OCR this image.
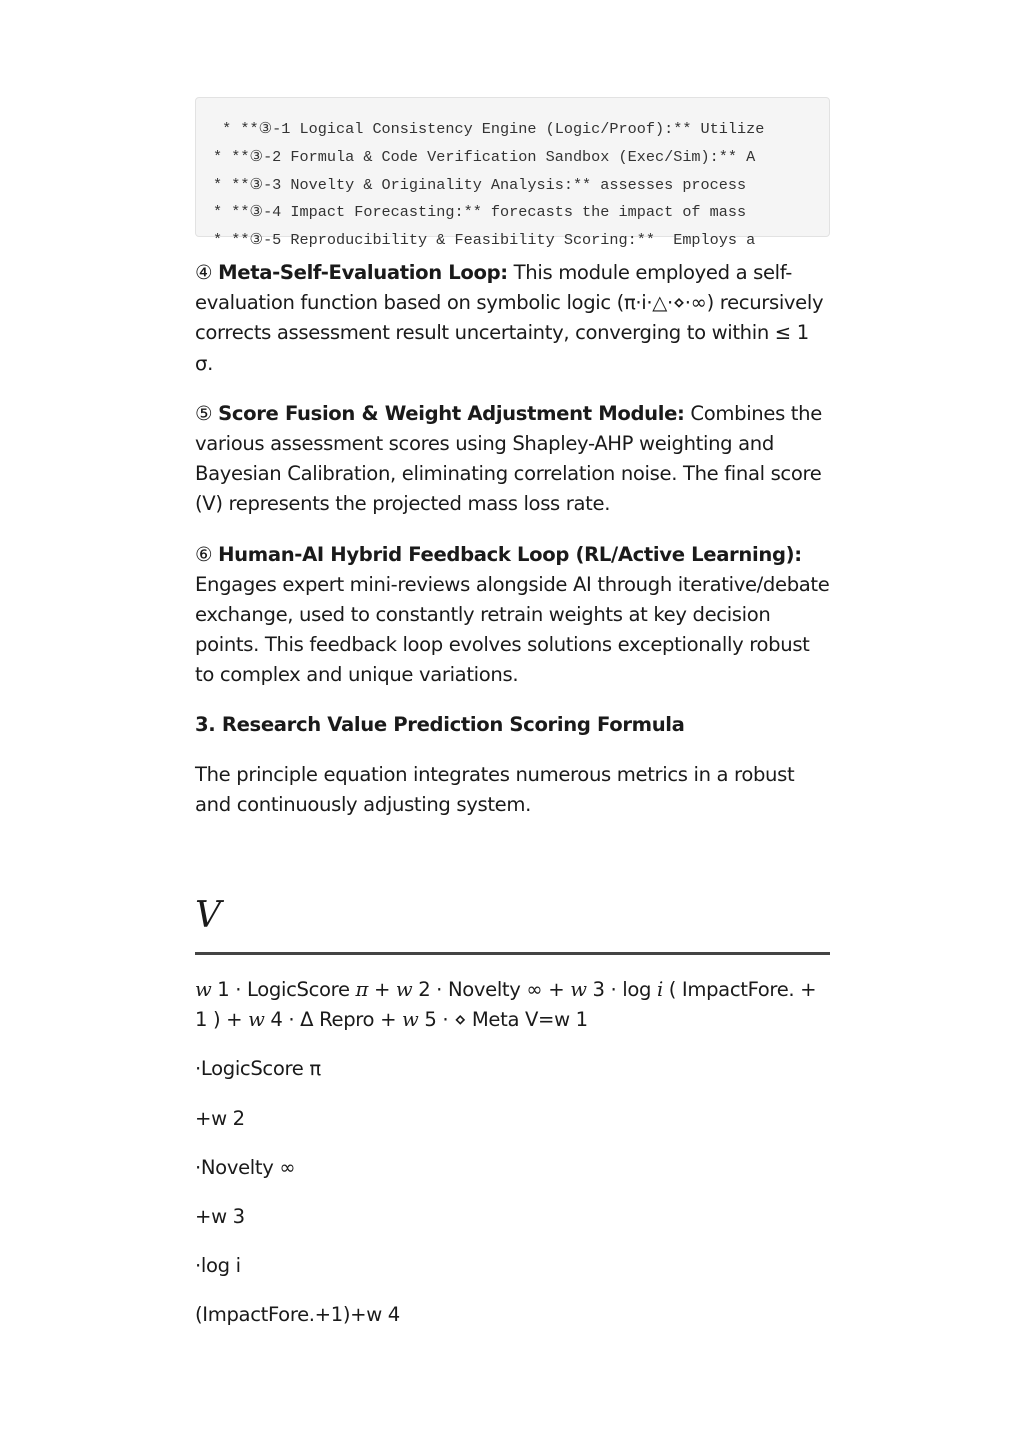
* **③-1 Logical Consistency Engine (Logic/Proof):** Utilize
* **③-2 Formula & Code Verification Sandbox (Exec/Sim):** A
* **③-3 Novelty & Originality Analysis:** assesses process
* **③-4 Impact Forecasting:** forecasts the impact of mass
* **③-5 Reproducibility & Feasibility Scoring:**  Employs a

④ Meta-Self-Evaluation Loop: This module employed a self-evaluation function based on symbolic logic (π·i·△·⋄·∞) recursively corrects assessment result uncertainty, converging to within ≤ 1 σ.

⑤ Score Fusion & Weight Adjustment Module: Combines the various assessment scores using Shapley-AHP weighting and Bayesian Calibration, eliminating correlation noise. The final score (V) represents the projected mass loss rate.

⑥ Human-AI Hybrid Feedback Loop (RL/Active Learning): Engages expert mini-reviews alongside AI through iterative/debate exchange, used to constantly retrain weights at key decision points. This feedback loop evolves solutions exceptionally robust to complex and unique variations.

3. Research Value Prediction Scoring Formula

The principle equation integrates numerous metrics in a robust and continuously adjusting system.

V

w 1 · LogicScore π + w 2 · Novelty ∞ + w 3 · log i ( ImpactFore. + 1 ) + w 4 · Δ Repro + w 5 · ⋄ Meta V=w 1

·LogicScore π

+w 2

·Novelty ∞

+w 3

·log i

(ImpactFore.+1)+w 4
